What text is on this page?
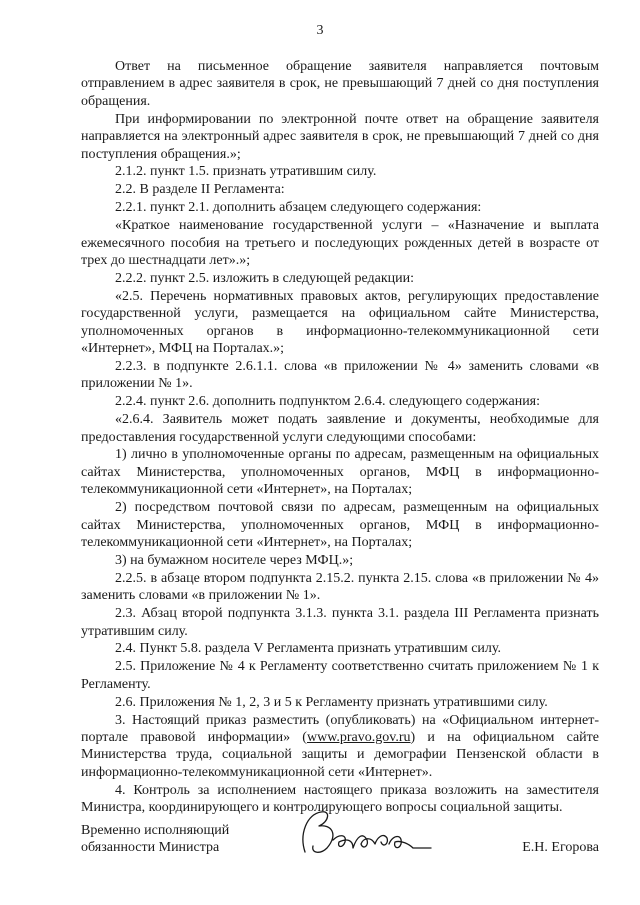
3

Ответ на письменное обращение заявителя направляется почтовым отправлением в адрес заявителя в срок, не превышающий 7 дней со дня поступления обращения.

При информировании по электронной почте ответ на обращение заявителя направляется на электронный адрес заявителя в срок, не превышающий 7 дней со дня поступления обращения.»;

2.1.2. пункт 1.5. признать утратившим силу.

2.2. В разделе II Регламента:

2.2.1. пункт 2.1. дополнить абзацем следующего содержания:

«Краткое наименование государственной услуги – «Назначение и выплата ежемесячного пособия на третьего и последующих рожденных детей в возрасте от трех до шестнадцати лет».»;

2.2.2. пункт 2.5. изложить в следующей редакции:

«2.5. Перечень нормативных правовых актов, регулирующих предоставление государственной услуги, размещается на официальном сайте Министерства, уполномоченных органов в информационно-телекоммуникационной сети «Интернет», МФЦ на Порталах.»;

2.2.3. в подпункте 2.6.1.1. слова «в приложении № 4» заменить словами «в приложении № 1».

2.2.4. пункт 2.6. дополнить подпунктом 2.6.4. следующего содержания:

«2.6.4. Заявитель может подать заявление и документы, необходимые для предоставления государственной услуги следующими способами:

1) лично в уполномоченные органы по адресам, размещенным на официальных сайтах Министерства, уполномоченных органов, МФЦ в информационно-телекоммуникационной сети «Интернет», на Порталах;

2) посредством почтовой связи по адресам, размещенным на официальных сайтах Министерства, уполномоченных органов, МФЦ в информационно-телекоммуникационной сети «Интернет», на Порталах;

3) на бумажном носителе через МФЦ.»;

2.2.5. в абзаце втором подпункта 2.15.2. пункта 2.15. слова «в приложении № 4» заменить словами «в приложении № 1».

2.3. Абзац второй подпункта 3.1.3. пункта 3.1. раздела III Регламента признать утратившим силу.

2.4. Пункт 5.8. раздела V Регламента признать утратившим силу.

2.5. Приложение № 4 к Регламенту соответственно считать приложением № 1 к Регламенту.

2.6. Приложения № 1, 2, 3 и 5 к Регламенту признать утратившими силу.

3. Настоящий приказ разместить (опубликовать) на «Официальном интернет-портале правовой информации» (www.pravo.gov.ru) и на официальном сайте Министерства труда, социальной защиты и демографии Пензенской области в информационно-телекоммуникационной сети «Интернет».

4. Контроль за исполнением настоящего приказа возложить на заместителя Министра, координирующего и контролирующего вопросы социальной защиты.

Временно исполняющий
обязанности Министра	Е.Н. Егорова
